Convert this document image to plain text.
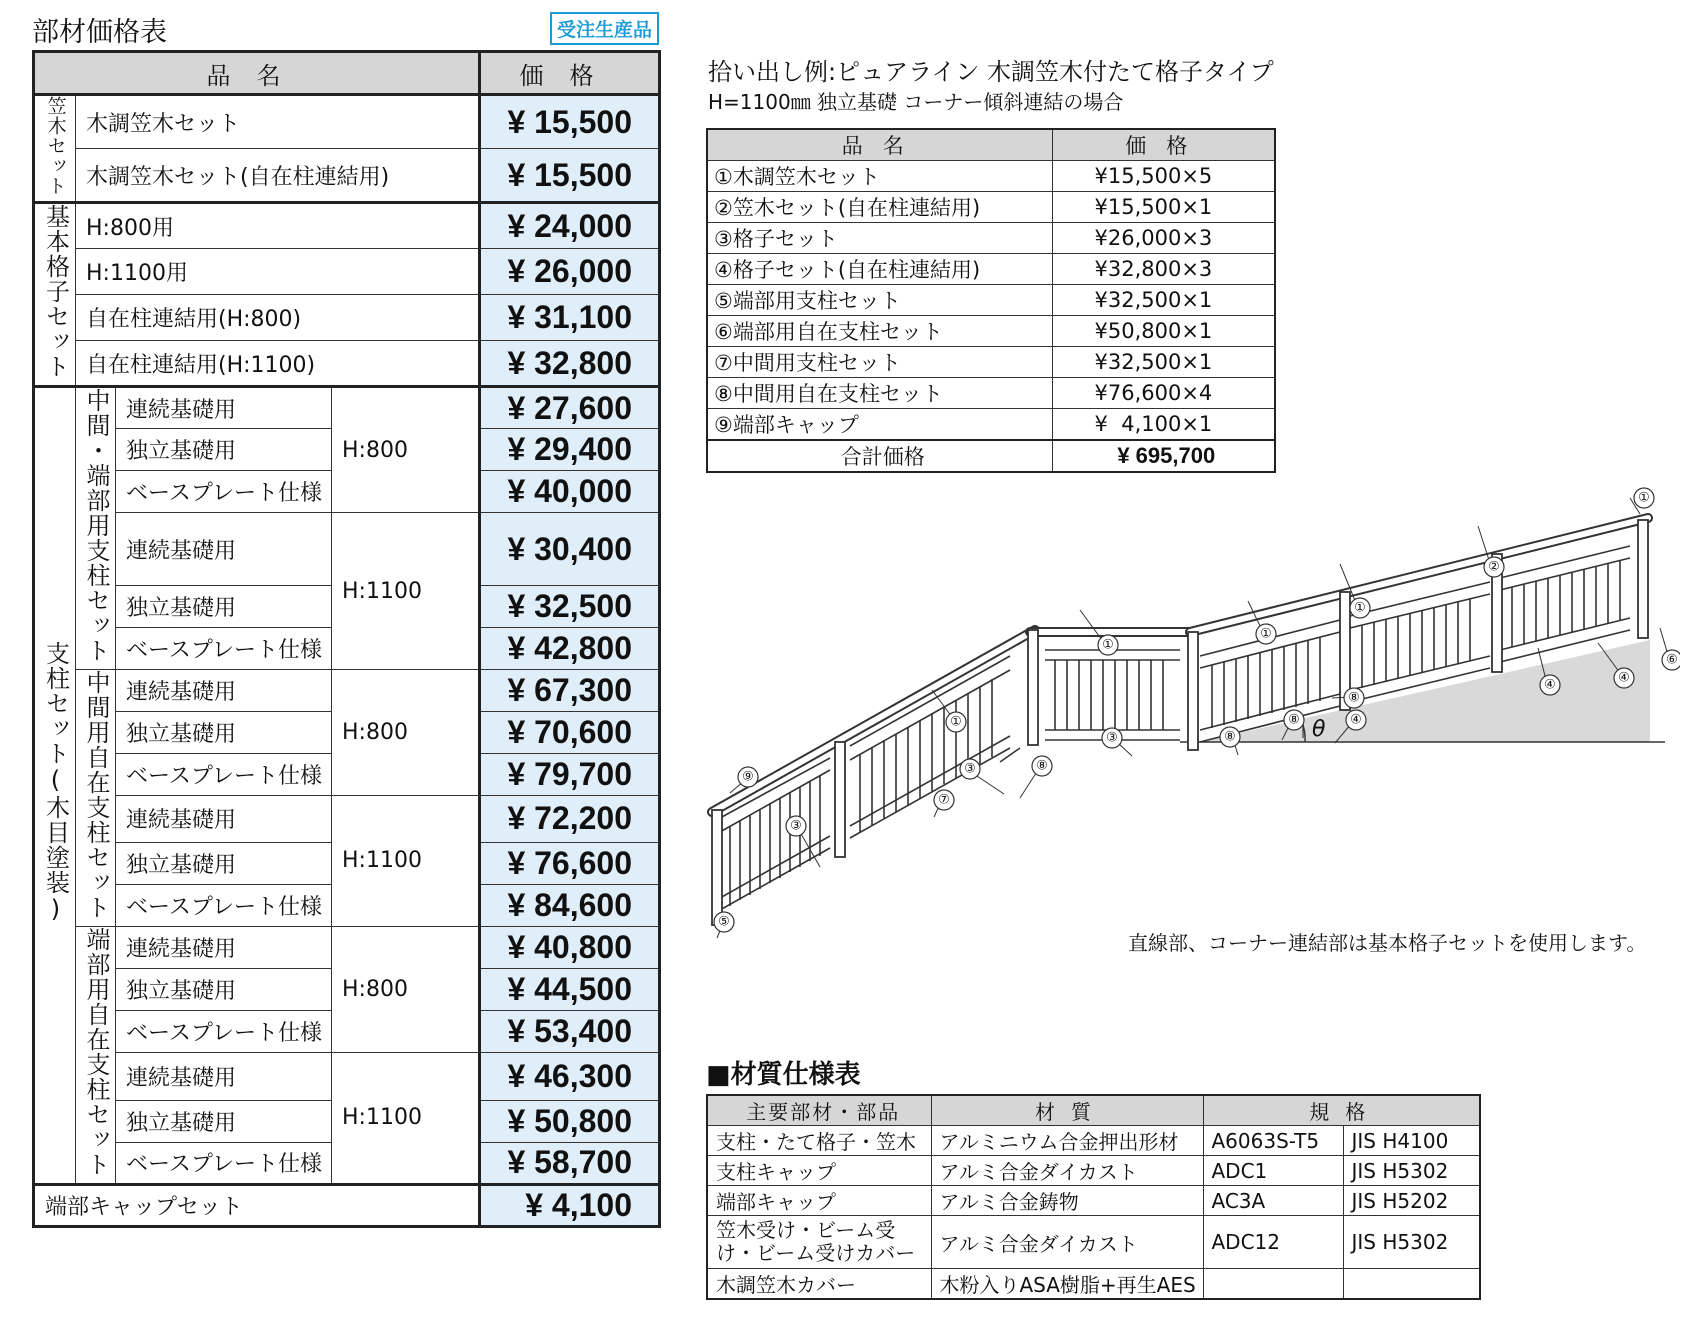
部材価格表	受注生産品
品名				価格
笠木セット	木調笠木セット			¥ 15,500
	木調笠木セット(自在柱連結用)			¥ 15,500
基本格子セット	H:800用			¥ 24,000
	H:1100用			¥ 26,000
	自在柱連結用(H:800)			¥ 31,100
	自在柱連結用(H:1100)			¥ 32,800
支柱セット(木目塗装)	中間・端部用支柱セット	連続基礎用	H:800	¥ 27,600
		独立基礎用		¥ 29,400
		ベースプレート仕様		¥ 40,000
		連続基礎用	H:1100	¥ 30,400
		独立基礎用		¥ 32,500
		ベースプレート仕様		¥ 42,800
	中間用自在支柱セット	連続基礎用	H:800	¥ 67,300
		独立基礎用		¥ 70,600
		ベースプレート仕様		¥ 79,700
		連続基礎用	H:1100	¥ 72,200
		独立基礎用		¥ 76,600
		ベースプレート仕様		¥ 84,600
	端部用自在支柱セット	連続基礎用	H:800	¥ 40,800
		独立基礎用		¥ 44,500
		ベースプレート仕様		¥ 53,400
		連続基礎用	H:1100	¥ 46,300
		独立基礎用		¥ 50,800
		ベースプレート仕様		¥ 58,700
端部キャップセット				¥ 4,100
拾い出し例:ピュアライン 木調笠木付たて格子タイプ
H=1100㎜ 独立基礎 コーナー傾斜連結の場合
品名	価格
①木調笠木セット	¥15,500×5
②笠木セット(自在柱連結用)	¥15,500×1
③格子セット	¥26,000×3
④格子セット(自在柱連結用)	¥32,800×3
⑤端部用支柱セット	¥32,500×1
⑥端部用自在支柱セット	¥50,800×1
⑦中間用支柱セット	¥32,500×1
⑧中間用自在支柱セット	¥76,600×4
⑨端部キャップ	¥  4,100×1
合計価格	¥ 695,700
①
①
①
①
②
①
③
③
③	⑧
④
④	④
⑥
⑧
⑧
⑧
⑨
⑤
⑦
θ
直線部、コーナー連結部は基本格子セットを使用します。
■材質仕様表
主要部材・部品	材質	規格	
支柱・たて格子・笠木	アルミニウム合金押出形材	A6063S-T5	JIS H4100
支柱キャップ	アルミ合金ダイカスト	ADC1	JIS H5302
端部キャップ	アルミ合金鋳物	AC3A	JIS H5202
笠木受け・ビーム受け・ビーム受けカバー	アルミ合金ダイカスト	ADC12	JIS H5302
木調笠木カバー	木粉入りASA樹脂+再生AES		
